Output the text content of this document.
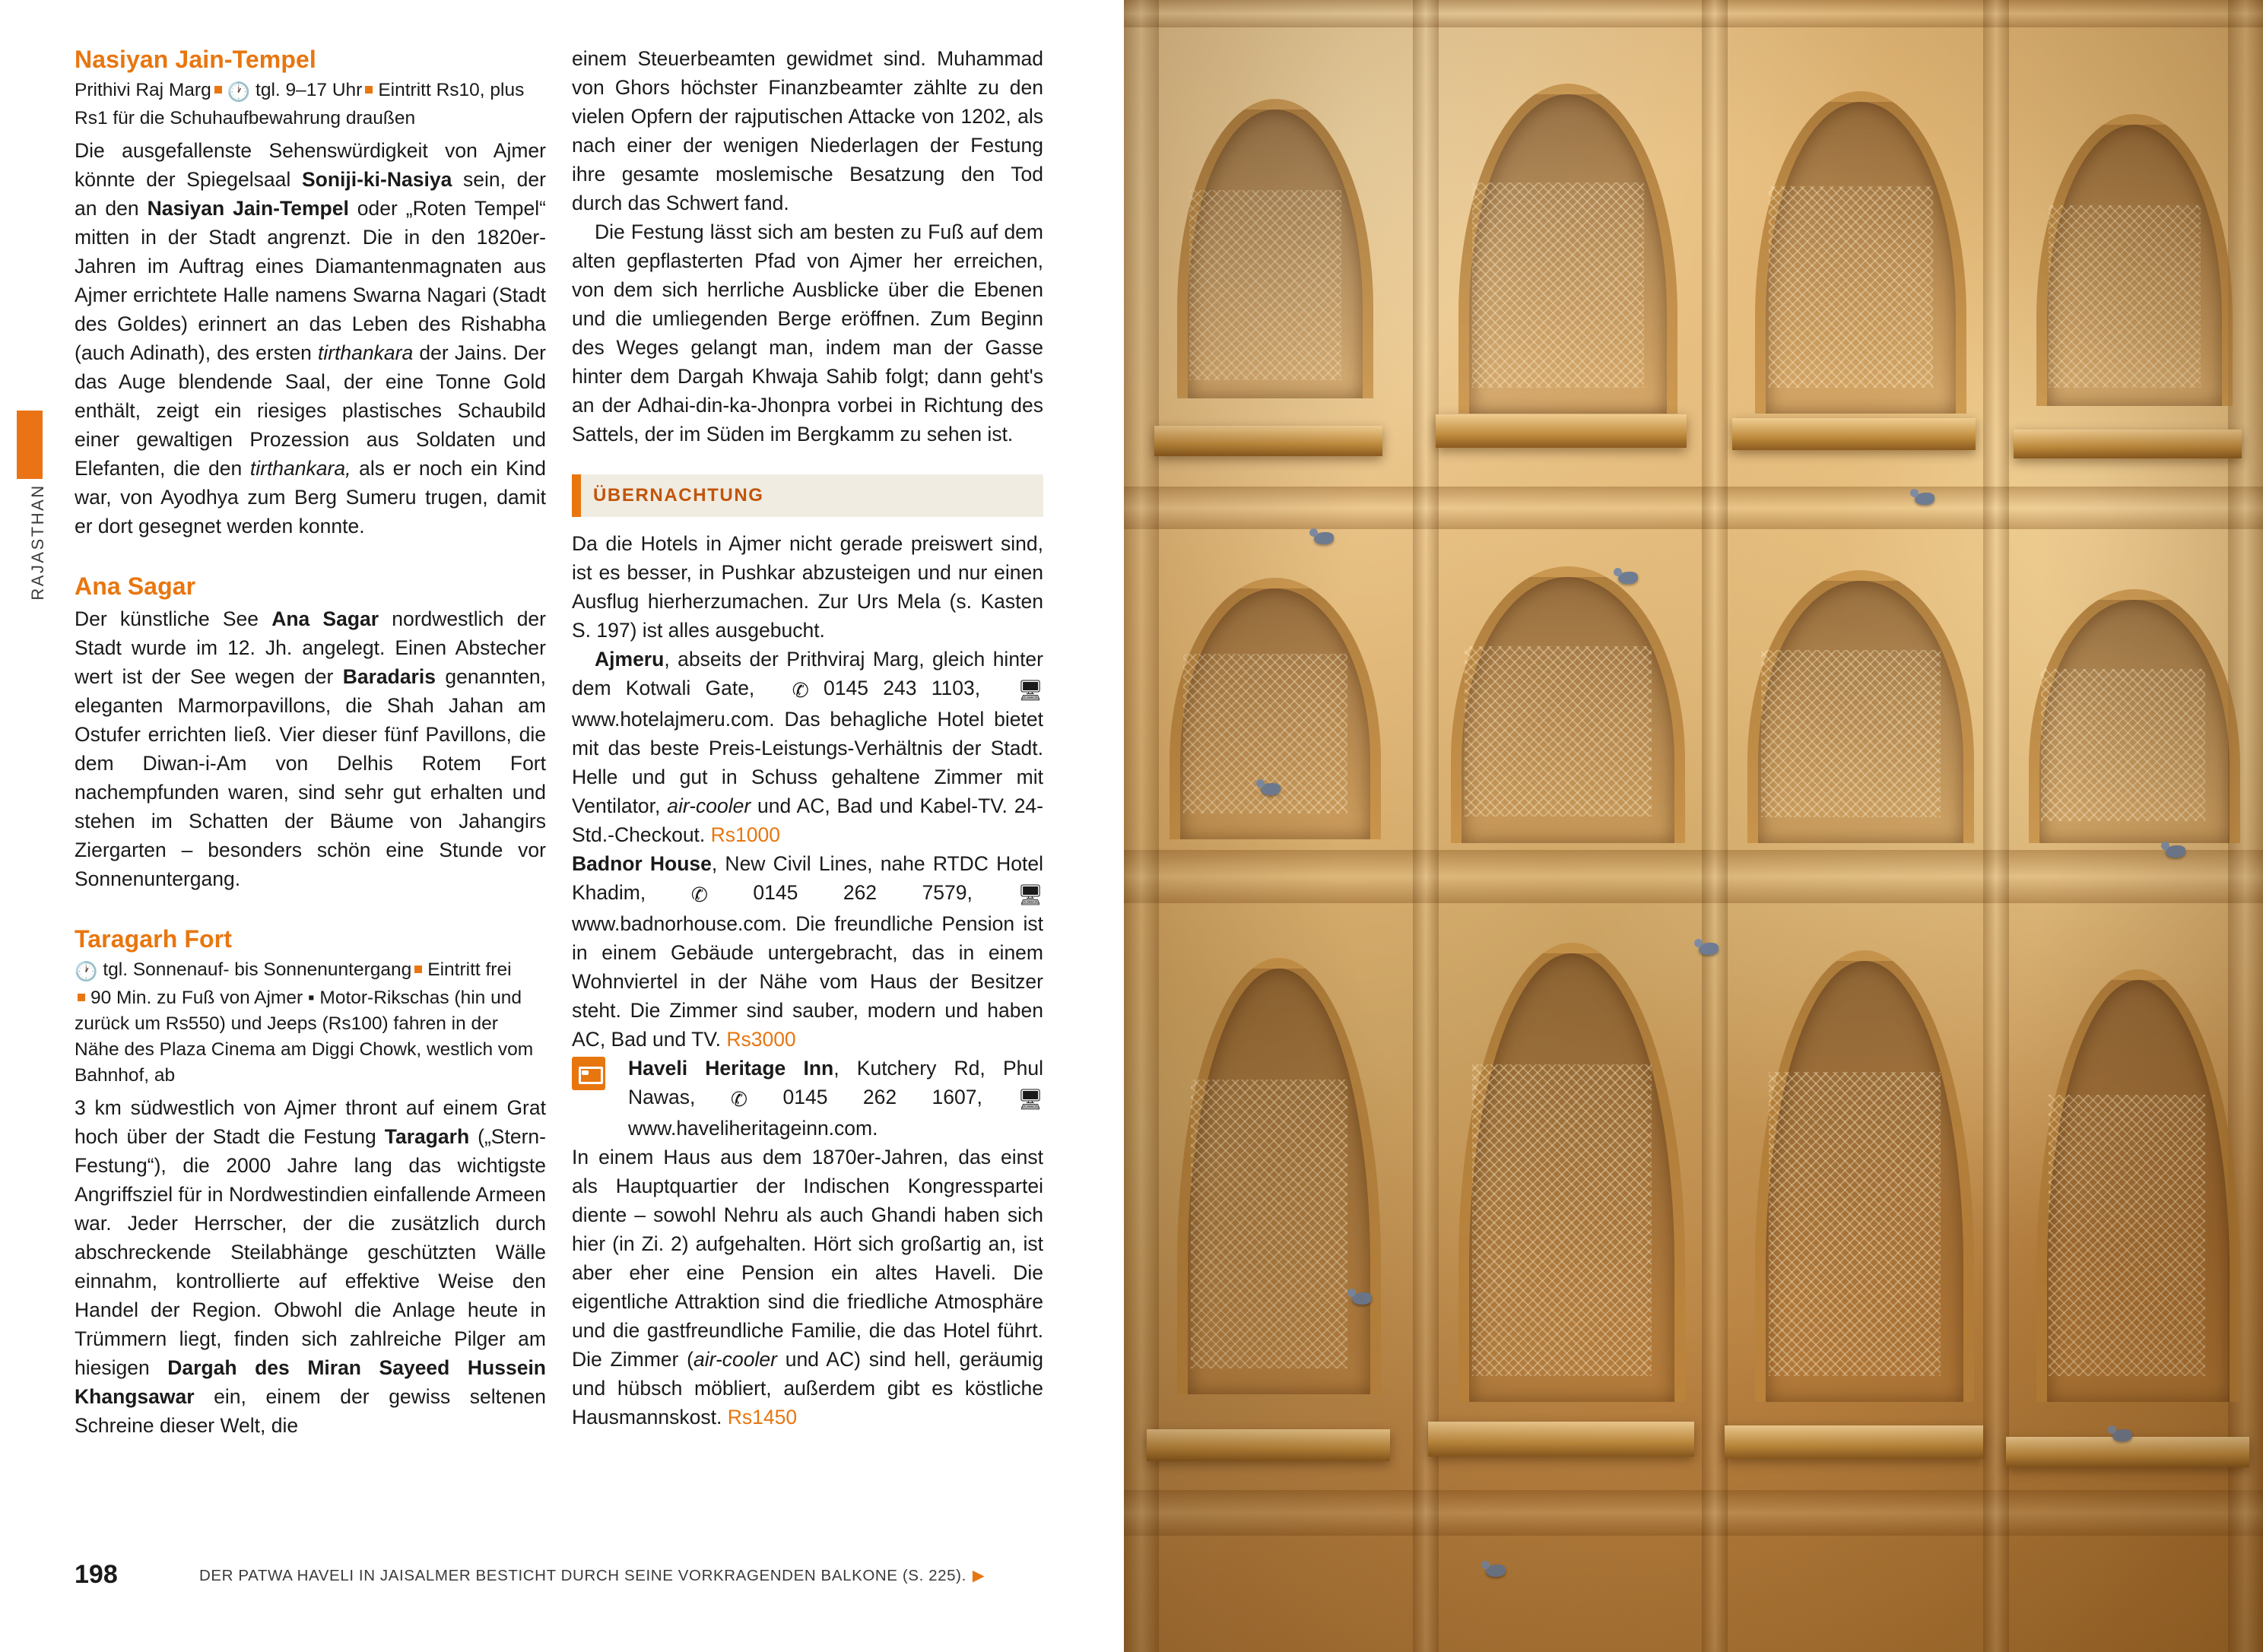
RAJASTHAN
Nasiyan Jain-Tempel

Prithivi Raj Marg 🕐 tgl. 9–17 Uhr Eintritt Rs10, plus Rs1 für die Schuhaufbewahrung draußen

Die ausgefallenste Sehenswürdigkeit von Ajmer könnte der Spiegelsaal Soniji-ki-Nasiya sein, der an den Nasiyan Jain-Tempel oder „Roten Tempel“ mitten in der Stadt angrenzt. Die in den 1820er-Jahren im Auftrag eines Diamantenmagnaten aus Ajmer errichtete Halle namens Swarna Nagari (Stadt des Goldes) erinnert an das Leben des Rishabha (auch Adinath), des ersten tirthankara der Jains. Der das Auge blendende Saal, der eine Tonne Gold enthält, zeigt ein riesiges plastisches Schaubild einer gewaltigen Prozession aus Soldaten und Elefanten, die den tirthankara, als er noch ein Kind war, von Ayodhya zum Berg Sumeru trugen, damit er dort gesegnet werden konnte.

Ana Sagar

Der künstliche See Ana Sagar nordwestlich der Stadt wurde im 12. Jh. angelegt. Einen Abstecher wert ist der See wegen der Baradaris genannten, eleganten Marmorpavillons, die Shah Jahan am Ostufer errichten ließ. Vier dieser fünf Pavillons, die dem Diwan-i-Am von Delhis Rotem Fort nachempfunden waren, sind sehr gut erhalten und stehen im Schatten der Bäume von Jahangirs Ziergarten – besonders schön eine Stunde vor Sonnenuntergang.

Taragarh Fort

🕐 tgl. Sonnenauf- bis Sonnenuntergang Eintritt frei
90 Min. zu Fuß von Ajmer ▪ Motor-Rikschas (hin und zurück um Rs550) und Jeeps (Rs100) fahren in der Nähe des Plaza Cinema am Diggi Chowk, westlich vom Bahnhof, ab

3 km südwestlich von Ajmer thront auf einem Grat hoch über der Stadt die Festung Taragarh („Stern-Festung“), die 2000 Jahre lang das wichtigste Angriffsziel für in Nordwestindien einfallende Armeen war. Jeder Herrscher, der die zusätzlich durch abschreckende Steilabhänge geschützten Wälle einnahm, kontrollierte auf effektive Weise den Handel der Region. Obwohl die Anlage heute in Trümmern liegt, finden sich zahlreiche Pilger am hiesigen Dargah des Miran Sayeed Hussein Khangsawar ein, einem der gewiss seltenen Schreine dieser Welt, die

einem Steuerbeamten gewidmet sind. Muhammad von Ghors höchster Finanzbeamter zählte zu den vielen Opfern der rajputischen Attacke von 1202, als nach einer der wenigen Niederlagen der Festung ihre gesamte moslemische Besatzung den Tod durch das Schwert fand.

Die Festung lässt sich am besten zu Fuß auf dem alten gepflasterten Pfad von Ajmer her erreichen, von dem sich herrliche Ausblicke über die Ebenen und die umliegenden Berge eröffnen. Zum Beginn des Weges gelangt man, indem man der Gasse hinter dem Dargah Khwaja Sahib folgt; dann geht's an der Adhai-din-ka-Jhonpra vorbei in Richtung des Sattels, der im Süden im Bergkamm zu sehen ist.

ÜBERNACHTUNG

Da die Hotels in Ajmer nicht gerade preiswert sind, ist es besser, in Pushkar abzusteigen und nur einen Ausflug hierherzumachen. Zur Urs Mela (s. Kasten S. 197) ist alles ausgebucht.

Ajmeru, abseits der Prithviraj Marg, gleich hinter dem Kotwali Gate, ✆ 0145 243 1103, 🖥 www.hotelajmeru.com. Das behagliche Hotel bietet mit das beste Preis-Leistungs-Verhältnis der Stadt. Helle und gut in Schuss gehaltene Zimmer mit Ventilator, air-cooler und AC, Bad und Kabel-TV. 24-Std.-Checkout. Rs1000

Badnor House, New Civil Lines, nahe RTDC Hotel Khadim, ✆ 0145 262 7579, 🖥 www.badnorhouse.com. Die freundliche Pension ist in einem Gebäude untergebracht, das in einem Wohnviertel in der Nähe vom Haus der Besitzer steht. Die Zimmer sind sauber, modern und haben AC, Bad und TV. Rs3000

Haveli Heritage Inn, Kutchery Rd, Phul Nawas, ✆ 0145 262 1607, 🖥 www.haveliheritageinn.com.

In einem Haus aus dem 1870er-Jahren, das einst als Hauptquartier der Indischen Kongresspartei diente – sowohl Nehru als auch Ghandi haben sich hier (in Zi. 2) aufgehalten. Hört sich großartig an, ist aber eher eine Pension ein altes Haveli. Die eigentliche Attraktion sind die friedliche Atmosphäre und die gastfreundliche Familie, die das Hotel führt. Die Zimmer (air-cooler und AC) sind hell, geräumig und hübsch möbliert, außerdem gibt es köstliche Hausmannskost. Rs1450

198	DER PATWA HAVELI IN JAISALMER BESTICHT DURCH SEINE VORKRAGENDEN BALKONE (S. 225). ▶
